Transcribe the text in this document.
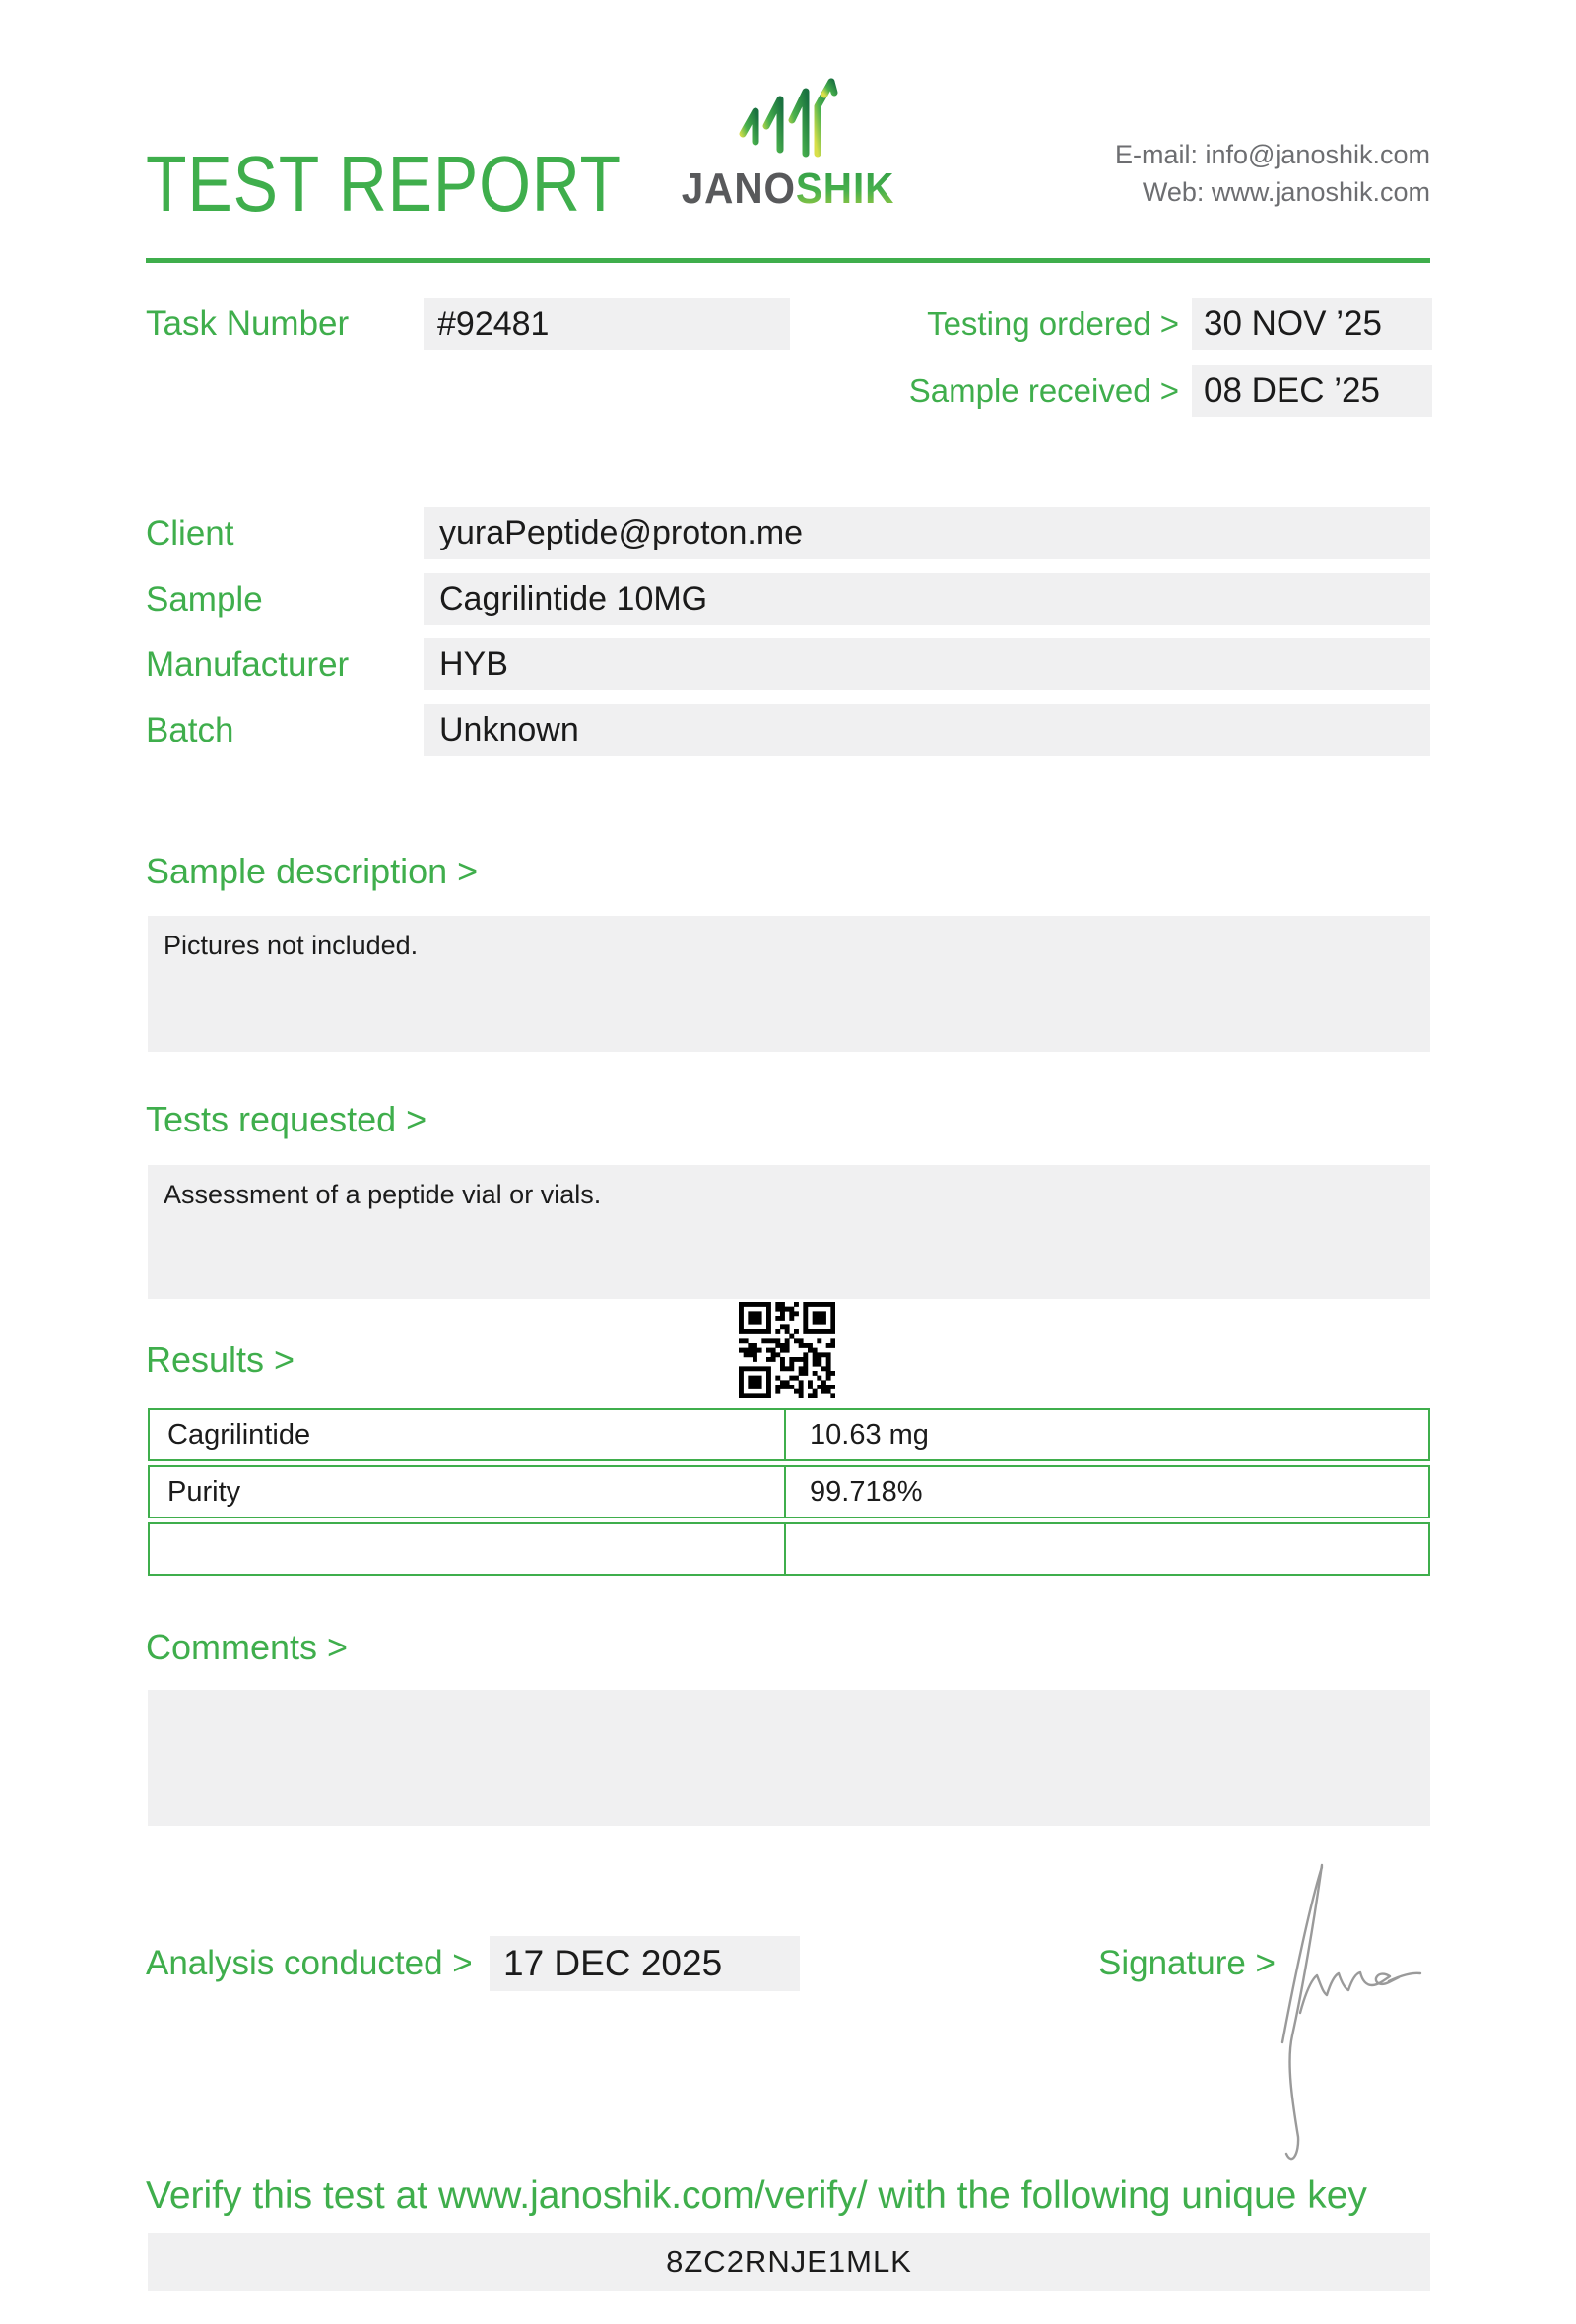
TEST REPORT	JANOSHIK
E-mail: info@janoshik.com
Web: www.janoshik.com
Task Number	#92481	Testing ordered > 30 NOV ’25
Sample received > 08 DEC ’25
Client	yuraPeptide@proton.me
Sample	Cagrilintide 10MG
Manufacturer	HYB
Batch	Unknown
Sample description >
Pictures not included.
Tests requested >
Assessment of a peptide vial or vials.
Results >
Cagrilintide	10.63 mg
Purity	99.718%
Comments >
Analysis conducted > 17 DEC 2025	Signature >
Verify this test at www.janoshik.com/verify/ with the following unique key
8ZC2RNJE1MLK
